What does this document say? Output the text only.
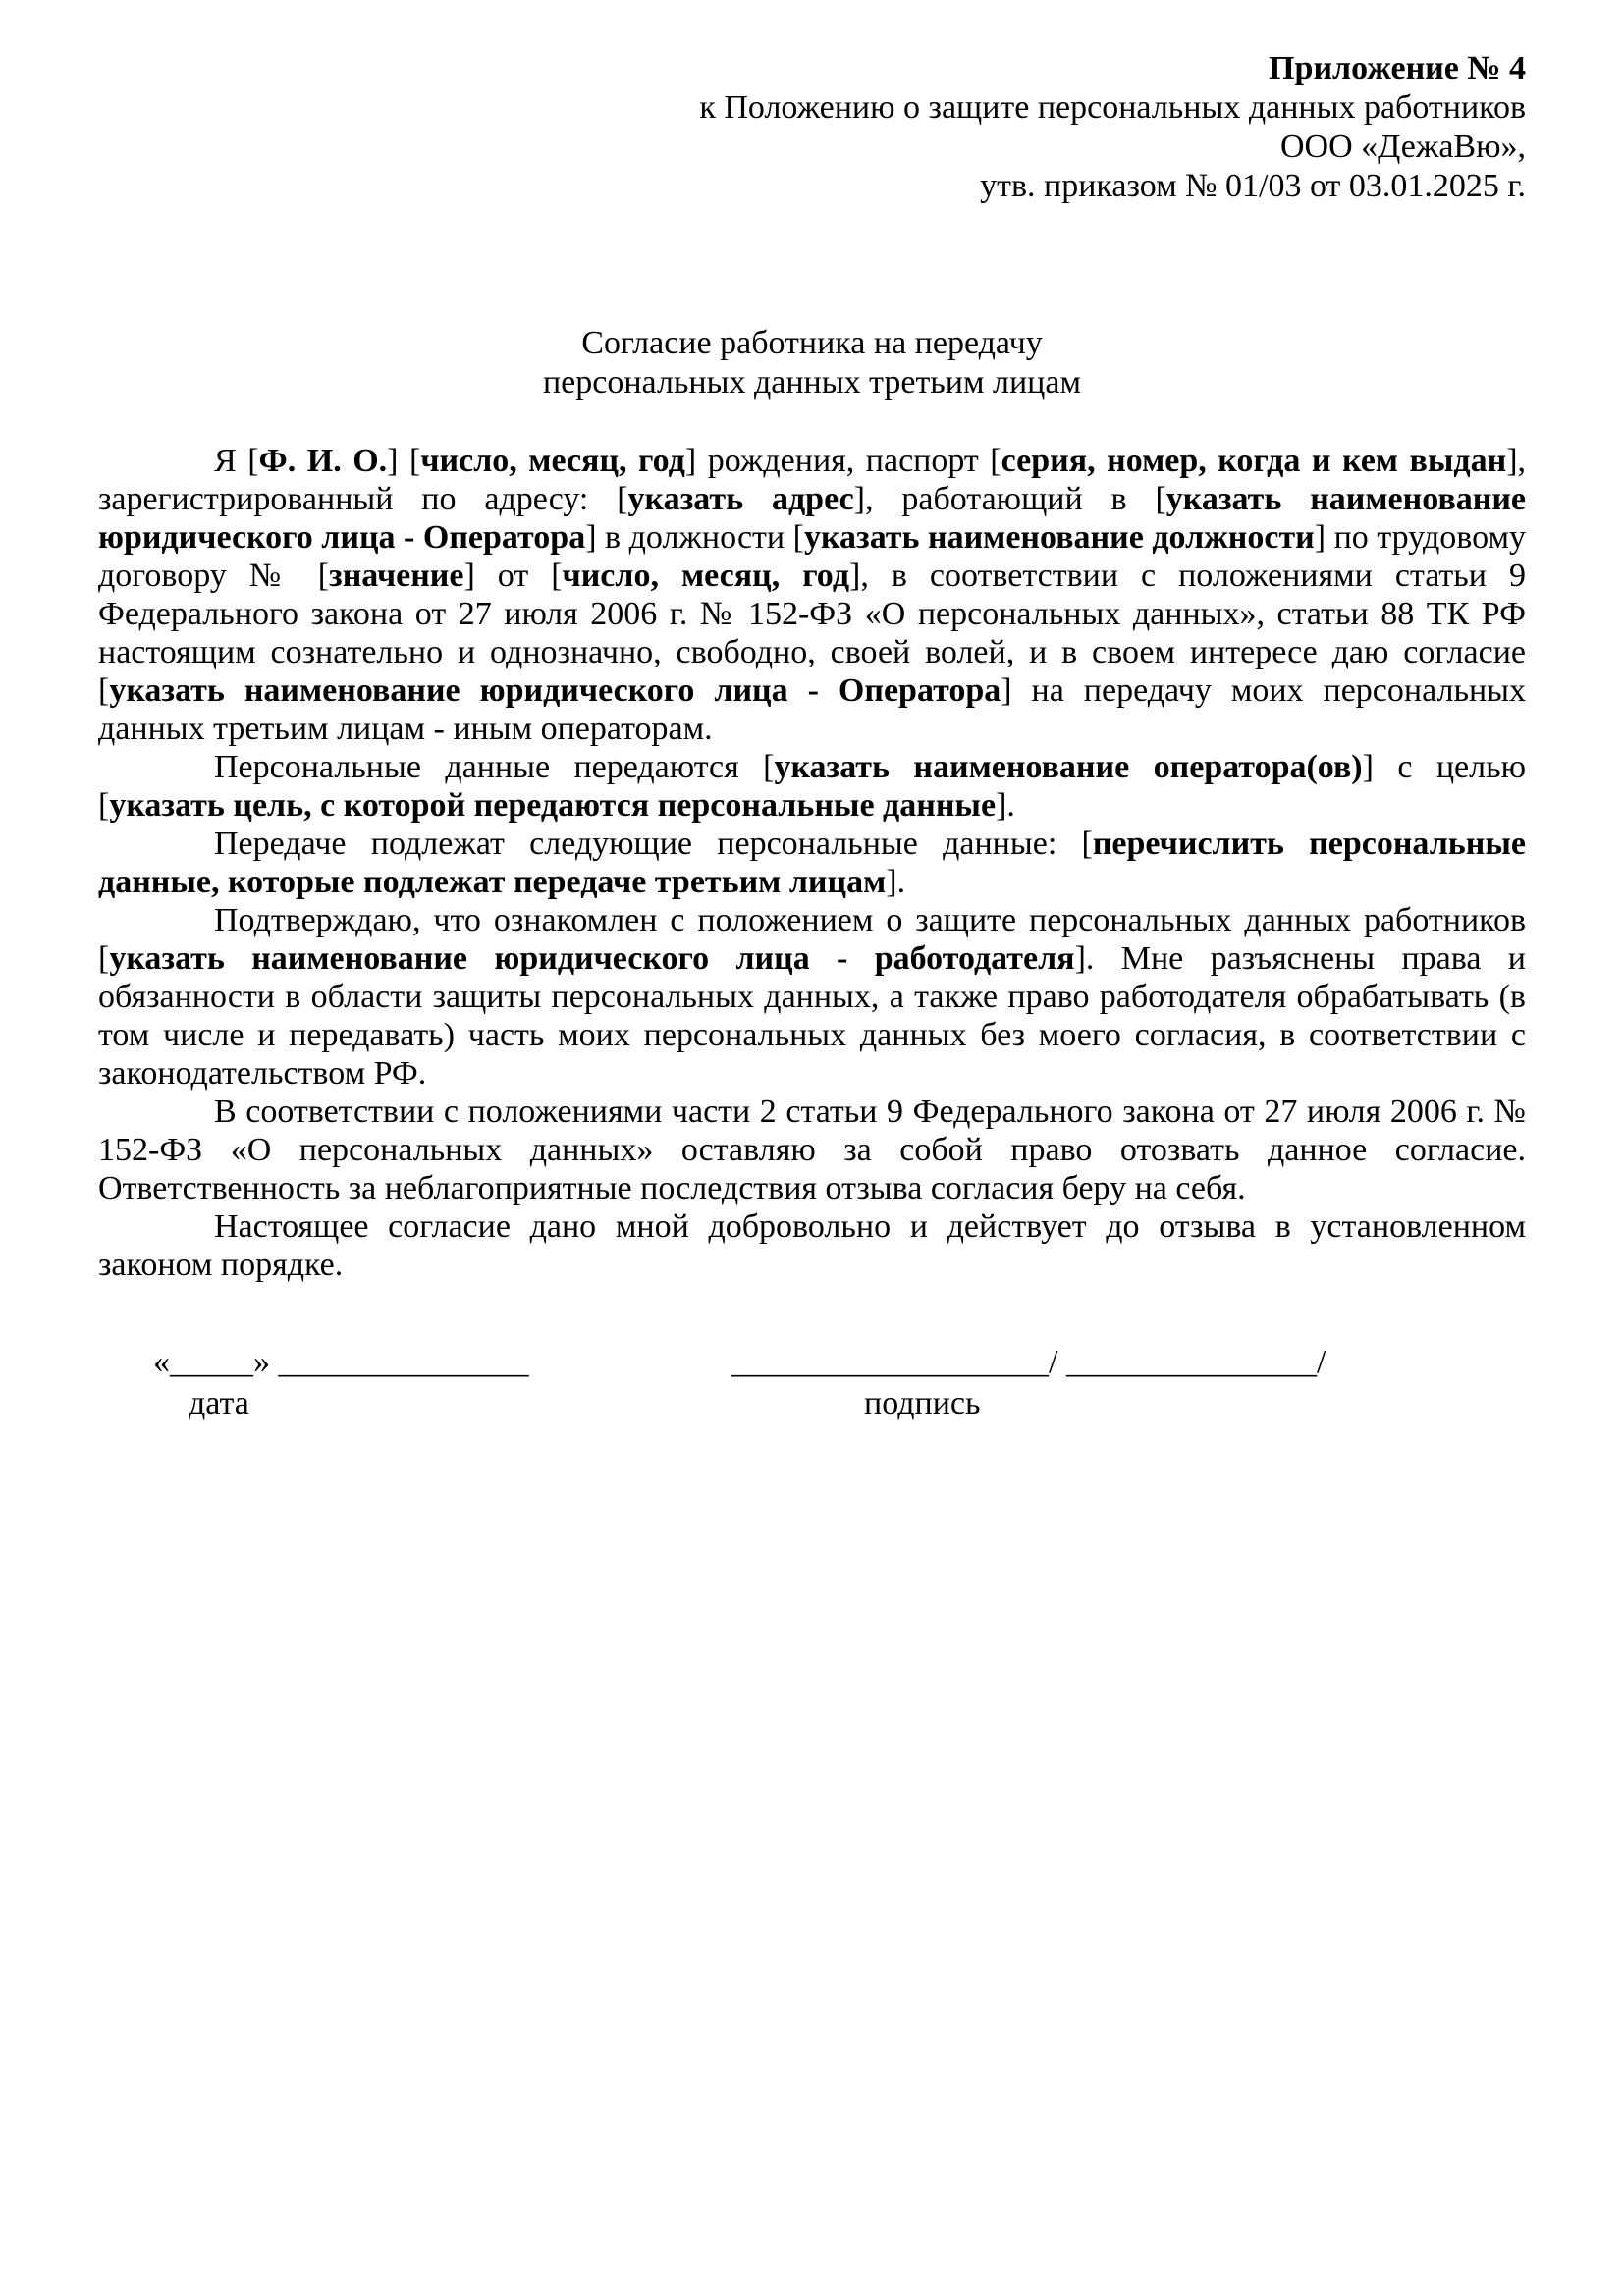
Приложение № 4
к Положению о защите персональных данных работников
ООО «ДежаВю»,
утв. приказом № 01/03 от 03.01.2025 г.
Согласие работника на передачу
персональных данных третьим лицам

Я [Ф. И. О.] [число, месяц, год] рождения, паспорт [серия, номер, когда и кем выдан], зарегистрированный по адресу: [указать адрес], работающий в [указать наименование юридического лица - Оператора] в должности [указать наименование должности] по трудовому договору № [значение] от [число, месяц, год], в соответствии с положениями статьи 9 Федерального закона от 27 июля 2006 г. № 152-ФЗ «О персональных данных», статьи 88 ТК РФ настоящим сознательно и однозначно, свободно, своей волей, и в своем интересе даю согласие [указать наименование юридического лица - Оператора] на передачу моих персональных данных третьим лицам - иным операторам.

Персональные данные передаются [указать наименование оператора(ов)] с целью [указать цель, с которой передаются персональные данные].

Передаче подлежат следующие персональные данные: [перечислить персональные данные, которые подлежат передаче третьим лицам].

Подтверждаю, что ознакомлен с положением о защите персональных данных работников [указать наименование юридического лица - работодателя]. Мне разъяснены права и обязанности в области защиты персональных данных, а также право работодателя обрабатывать (в том числе и передавать) часть моих персональных данных без моего согласия, в соответствии с законодательством РФ.

В соответствии с положениями части 2 статьи 9 Федерального закона от 27 июля 2006 г. № 152-ФЗ «О персональных данных» оставляю за собой право отозвать данное согласие. Ответственность за неблагоприятные последствия отзыва согласия беру на себя.

Настоящее согласие дано мной добровольно и действует до отзыва в установленном законом порядке.

«_____» _______________	___________________/ _______________/
дата	подпись
